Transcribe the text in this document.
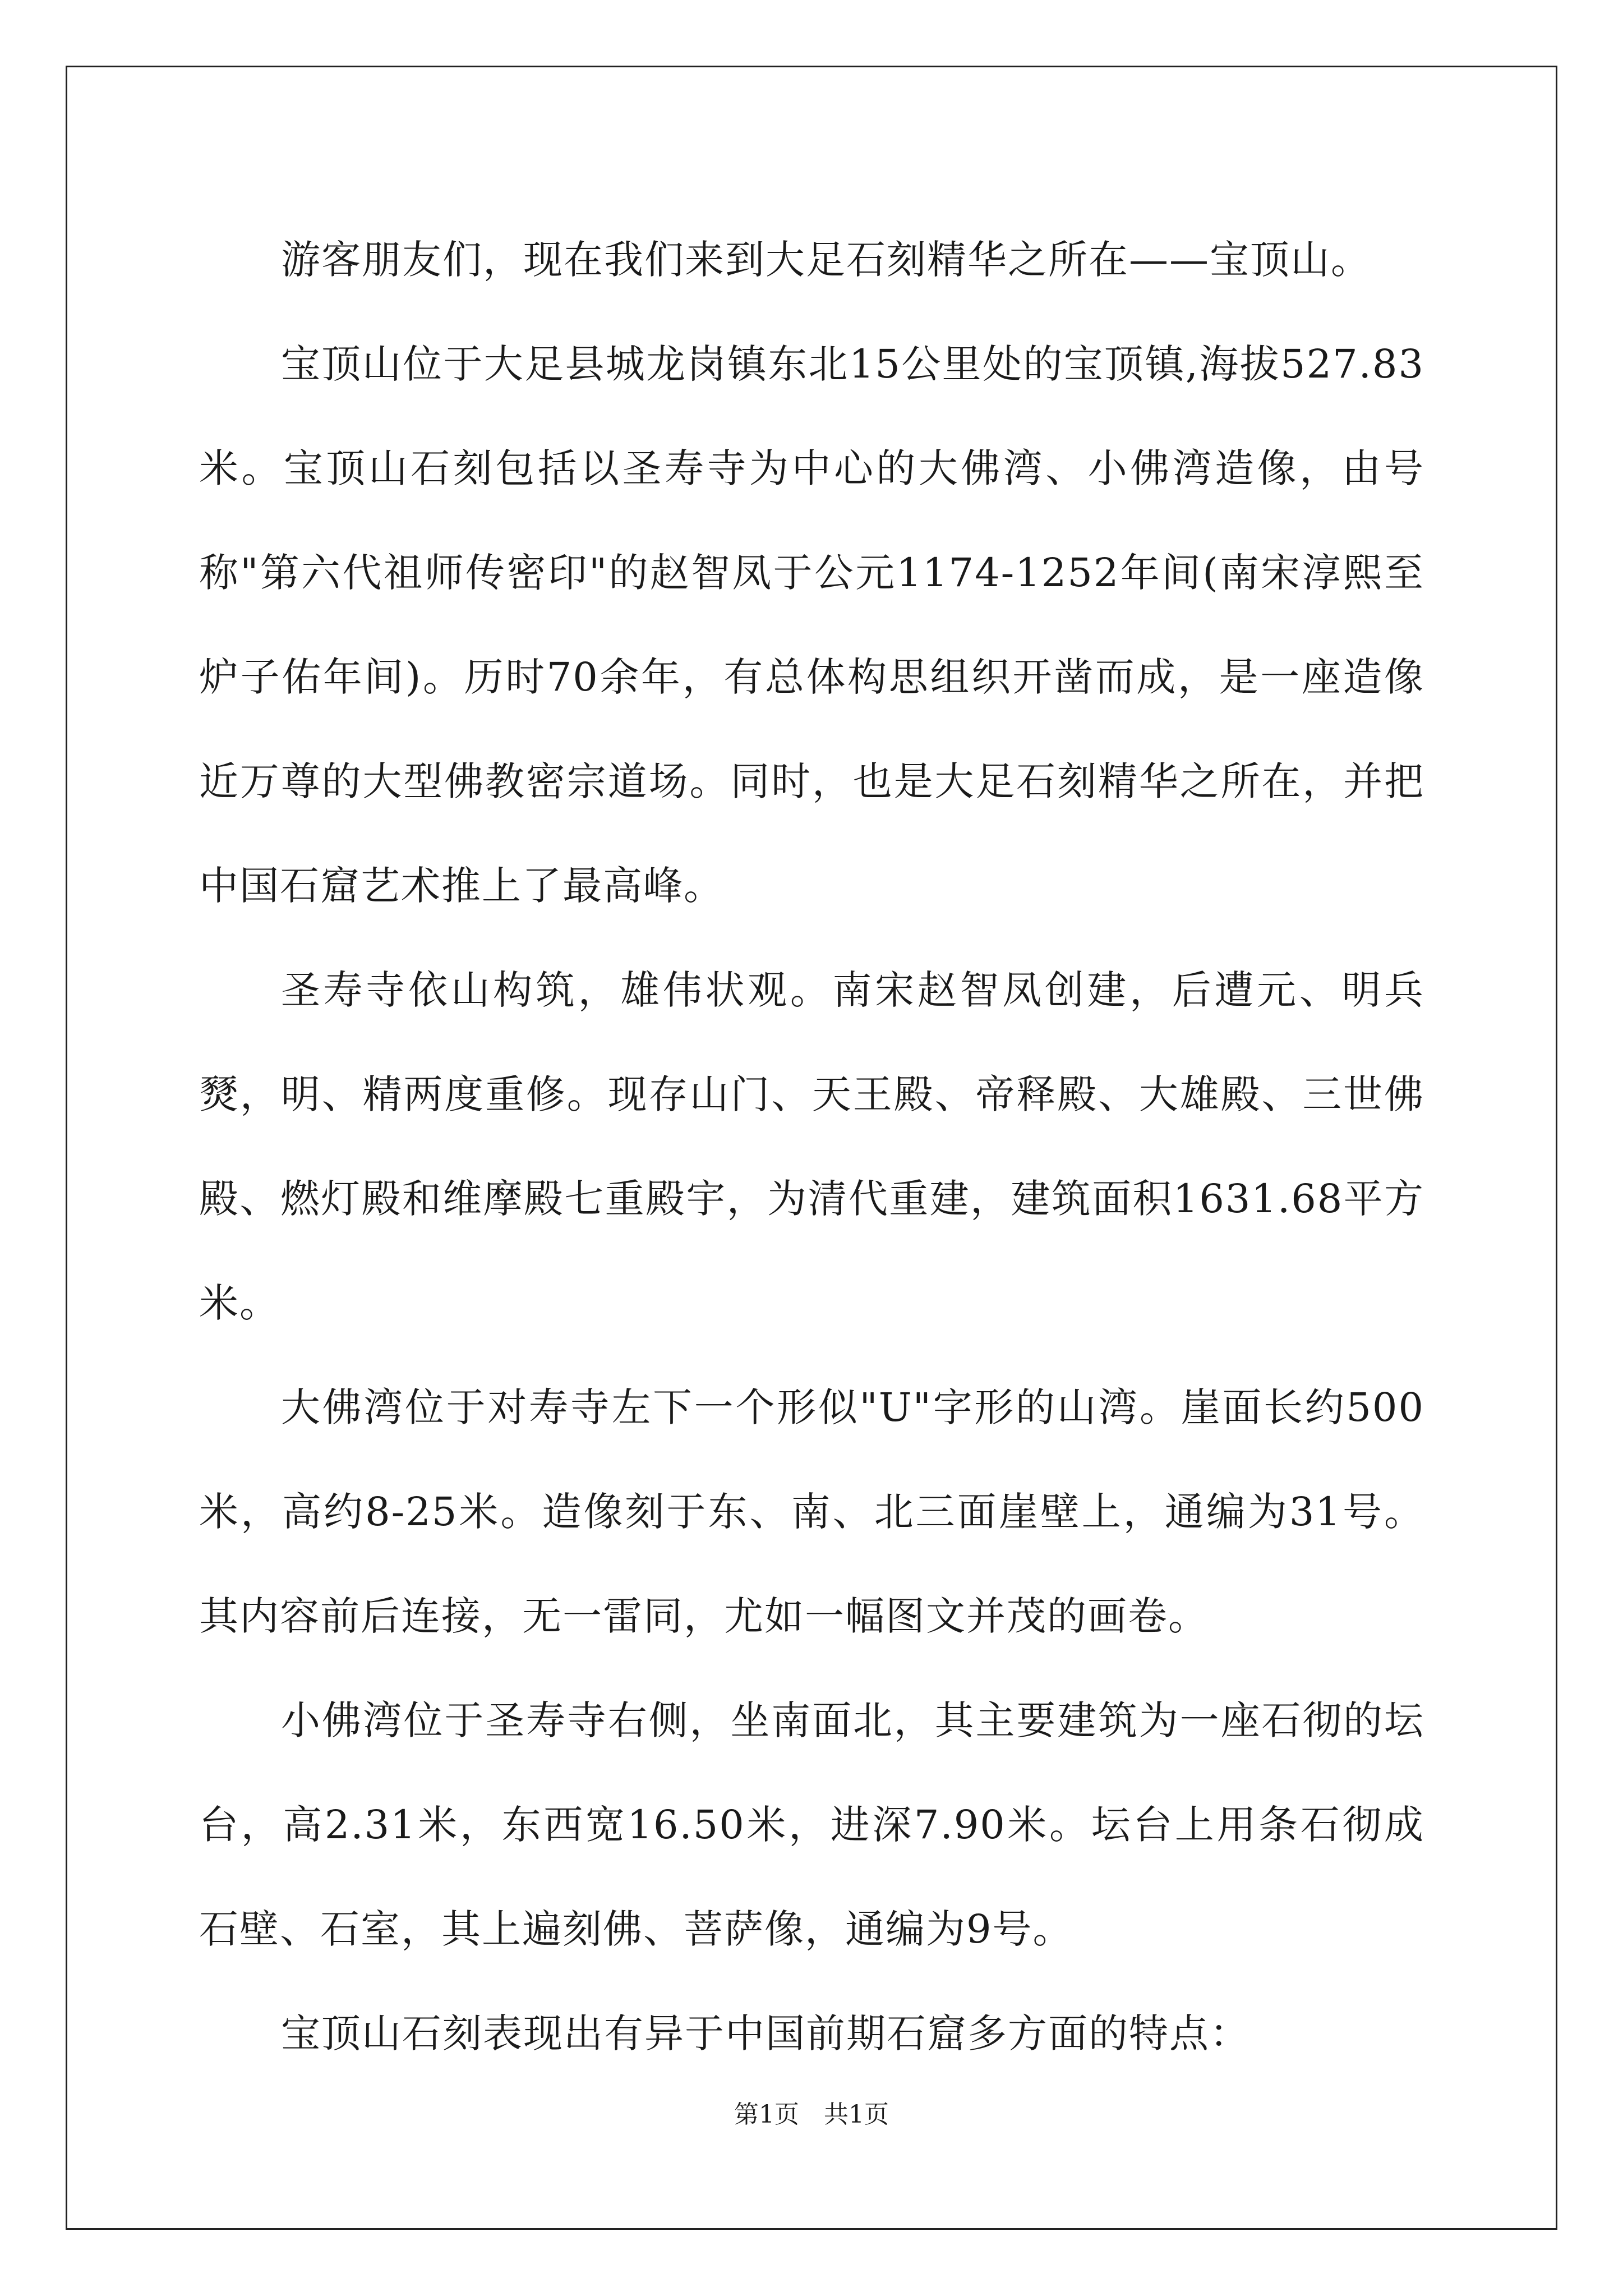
游客朋友们，现在我们来到大足石刻精华之所在——宝顶山。

宝顶山位于大足县城龙岗镇东北15公里处的宝顶镇,海拔527.83米。宝顶山石刻包括以圣寿寺为中心的大佛湾、小佛湾造像，由号称"第六代祖师传密印"的赵智凤于公元1174-1252年间(南宋淳熙至炉子佑年间)。历时70余年，有总体构思组织开凿而成，是一座造像近万尊的大型佛教密宗道场。同时，也是大足石刻精华之所在，并把中国石窟艺术推上了最高峰。

圣寿寺依山构筑，雄伟状观。南宋赵智凤创建，后遭元、明兵燹，明、精两度重修。现存山门、天王殿、帝释殿、大雄殿、三世佛殿、燃灯殿和维摩殿七重殿宇，为清代重建，建筑面积1631.68平方米。

大佛湾位于对寿寺左下一个形似"U"字形的山湾。崖面长约500米，高约8-25米。造像刻于东、南、北三面崖壁上，通编为31号。其内容前后连接，无一雷同，尤如一幅图文并茂的画卷。

小佛湾位于圣寿寺右侧，坐南面北，其主要建筑为一座石彻的坛台，高2.31米，东西宽16.50米，进深7.90米。坛台上用条石彻成石壁、石室，其上遍刻佛、菩萨像，通编为9号。

宝顶山石刻表现出有异于中国前期石窟多方面的特点：

第1页 共1页
